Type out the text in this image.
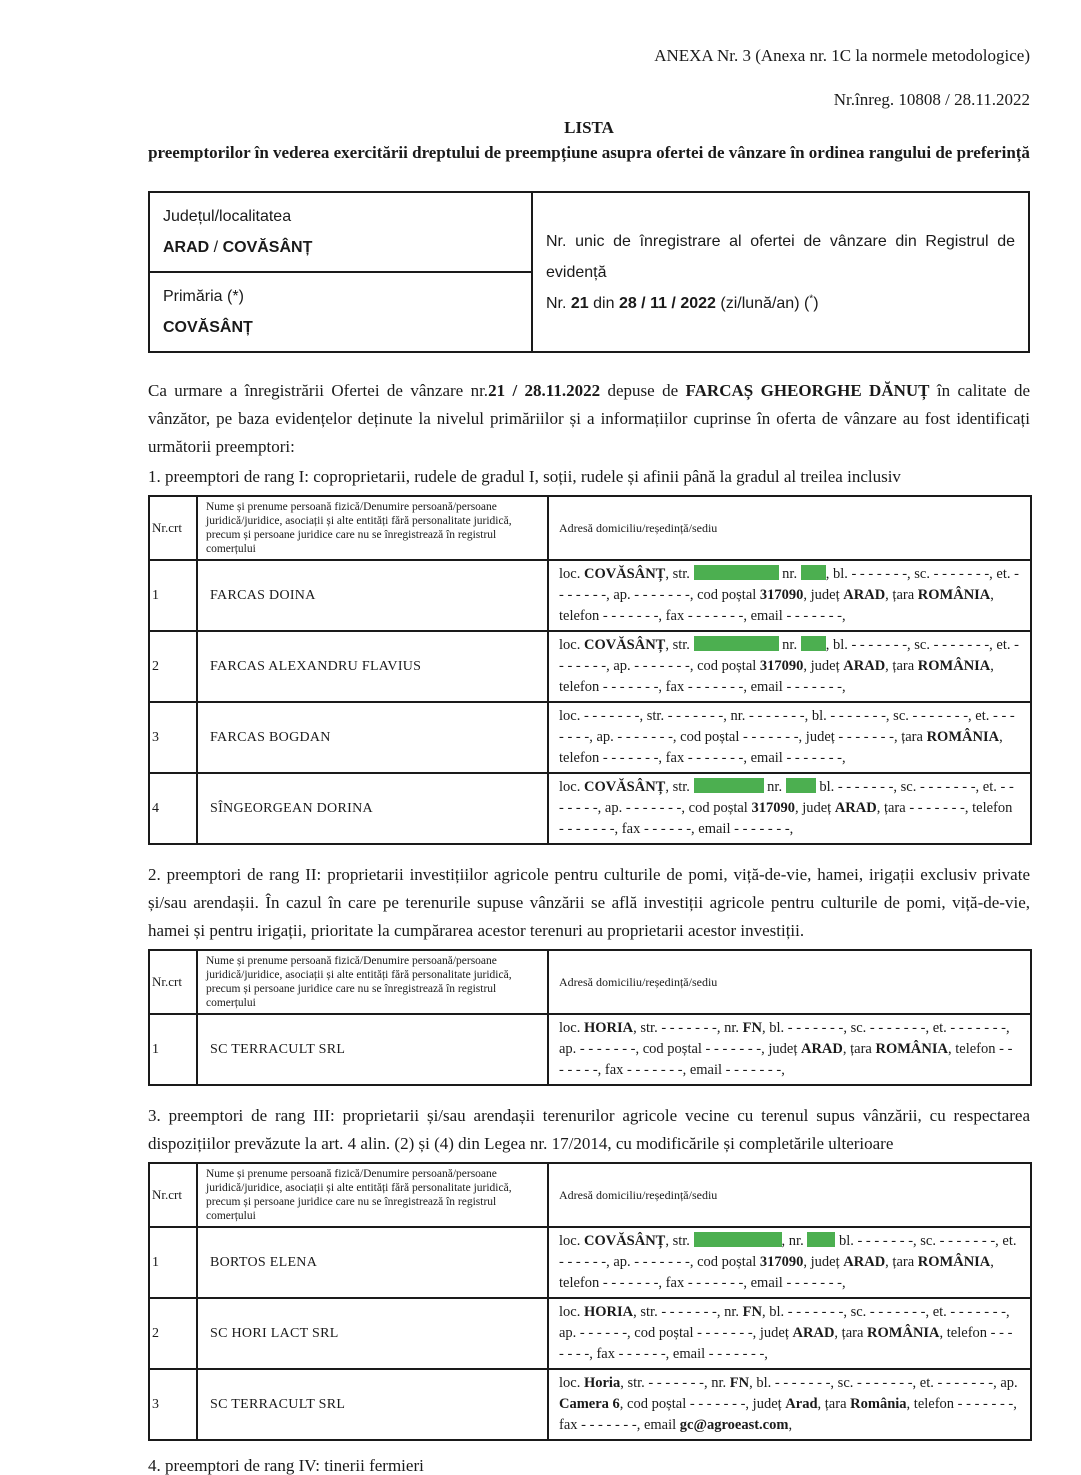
ANEXA Nr. 3 (Anexa nr. 1C la normele metodologice)
Nr.înreg. 10808 / 28.11.2022

LISTA

preemptorilor în vederea exercitării dreptului de preempțiune asupra ofertei de vânzare în ordinea rangului de preferință

Județul/localitatea
ARAD / COVĂSÂNȚ	Nr. unic de înregistrare al ofertei de vânzare din Registrul de evidență

Nr. 21 din 28 / 11 / 2022 (zi/lună/an) (*)

Primăria (*)
COVĂSÂNȚ

Ca urmare a înregistrării Ofertei de vânzare nr.21 / 28.11.2022 depuse de FARCAȘ GHEORGHE DĂNUȚ în calitate de vânzător, pe baza evidențelor deținute la nivelul primăriilor și a informațiilor cuprinse în oferta de vânzare au fost identificați următorii preemptori:

1. preemptori de rang I: coproprietarii, rudele de gradul I, soții, rudele și afinii până la gradul al treilea inclusiv

Nr.crt	Nume și prenume persoană fizică/Denumire persoană/persoane juridică/juridice, asociații și alte entități fără personalitate juridică, precum și persoane juridice care nu se înregistrează în registrul comerțului	Adresă domiciliu/reședință/sediu
1	FARCAS DOINA	loc. COVĂSÂNȚ, str. nr. , bl. - - - - - - -, sc. - - - - - - -, et. - - - - - - -, ap. - - - - - - -, cod poștal 317090, județ ARAD, țara ROMÂNIA, telefon - - - - - - -, fax - - - - - - -, email - - - - - - -,
2	FARCAS ALEXANDRU FLAVIUS	loc. COVĂSÂNȚ, str. nr. , bl. - - - - - - -, sc. - - - - - - -, et. - - - - - - -, ap. - - - - - - -, cod poștal 317090, județ ARAD, țara ROMÂNIA, telefon - - - - - - -, fax - - - - - - -, email - - - - - - -,
3	FARCAS BOGDAN	loc. - - - - - - -, str. - - - - - - -, nr. - - - - - - -, bl. - - - - - - -, sc. - - - - - - -, et. - - - - - - -, ap. - - - - - - -, cod poștal - - - - - - -, județ - - - - - - -, țara ROMÂNIA, telefon - - - - - - -, fax - - - - - - -, email - - - - - - -,
4	SÎNGEORGEAN DORINA	loc. COVĂSÂNȚ, str. nr.  bl. - - - - - - -, sc. - - - - - - -, et. - - - - - - -, ap. - - - - - - -, cod poștal 317090, județ ARAD, țara - - - - - - -, telefon - - - - - - -, fax - - - - - -, email - - - - - - -,

2. preemptori de rang II: proprietarii investițiilor agricole pentru culturile de pomi, viță-de-vie, hamei, irigații exclusiv private și/sau arendașii. În cazul în care pe terenurile supuse vânzării se află investiții agricole pentru culturile de pomi, viță-de-vie, hamei și pentru irigații, prioritate la cumpărarea acestor terenuri au proprietarii acestor investiții.

Nr.crt	Nume și prenume persoană fizică/Denumire persoană/persoane juridică/juridice, asociații și alte entități fără personalitate juridică, precum și persoane juridice care nu se înregistrează în registrul comerțului	Adresă domiciliu/reședință/sediu
1	SC TERRACULT SRL	loc. HORIA, str. - - - - - - -, nr. FN, bl. - - - - - - -, sc. - - - - - - -, et. - - - - - - -, ap. - - - - - - -, cod poștal - - - - - - -, județ ARAD, țara ROMÂNIA, telefon - - - - - - -, fax - - - - - - -, email - - - - - - -,

3. preemptori de rang III: proprietarii și/sau arendașii terenurilor agricole vecine cu terenul supus vânzării, cu respectarea dispozițiilor prevăzute la art. 4 alin. (2) și (4) din Legea nr. 17/2014, cu modificările și completările ulterioare

Nr.crt	Nume și prenume persoană fizică/Denumire persoană/persoane juridică/juridice, asociații și alte entități fără personalitate juridică, precum și persoane juridice care nu se înregistrează în registrul comerțului	Adresă domiciliu/reședință/sediu
1	BORTOS ELENA	loc. COVĂSÂNȚ, str. , nr.  bl. - - - - - - -, sc. - - - - - - -, et. - - - - - -, ap. - - - - - - -, cod poștal 317090, județ ARAD, țara ROMÂNIA, telefon - - - - - - -, fax - - - - - - -, email - - - - - - -,
2	SC HORI LACT SRL	loc. HORIA, str. - - - - - - -, nr. FN, bl. - - - - - - -, sc. - - - - - - -, et. - - - - - - -, ap. - - - - - -, cod poștal - - - - - - -, județ ARAD, țara ROMÂNIA, telefon - - - - - - -, fax - - - - - -, email - - - - - - -,
3	SC TERRACULT SRL	loc. Horia, str. - - - - - - -, nr. FN, bl. - - - - - - -, sc. - - - - - - -, et. - - - - - - -, ap. Camera 6, cod poștal - - - - - - -, județ Arad, țara România, telefon - - - - - - -, fax - - - - - - -, email gc@agroeast.com,
4. preemptori de rang IV: tinerii fermieri
